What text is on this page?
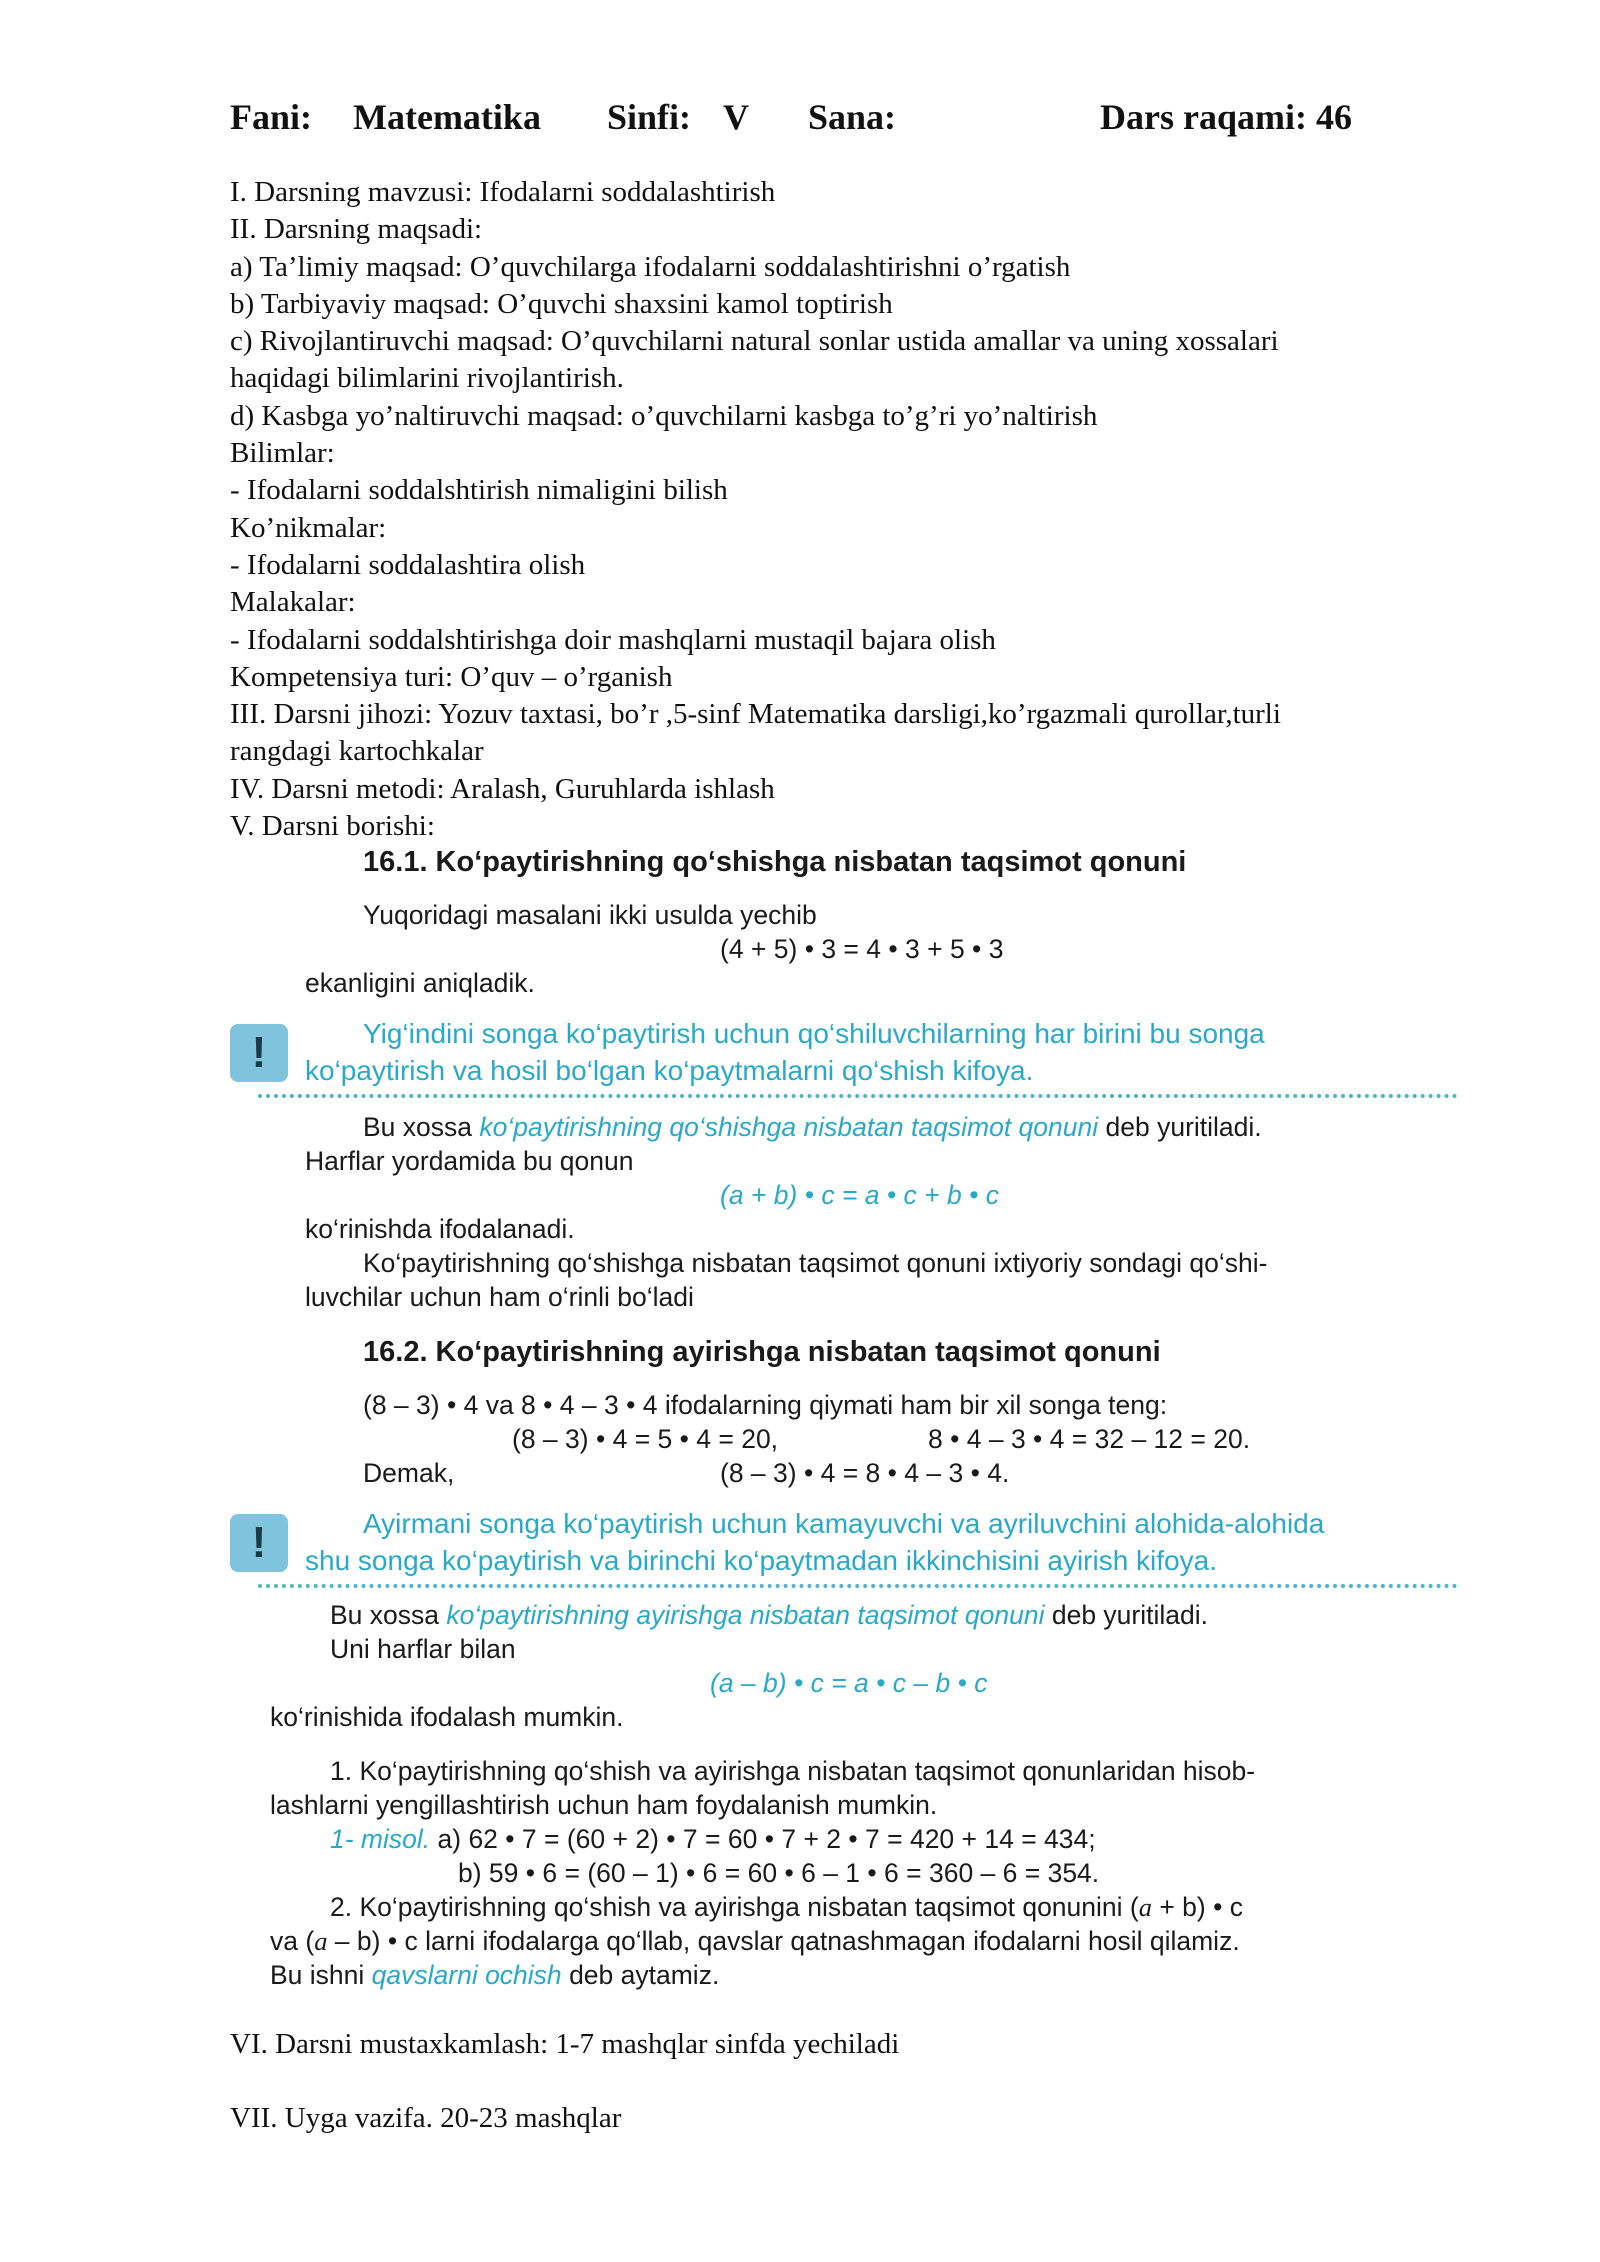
Fani: Matematika Sinfi: V Sana:	Dars raqami: 46
I. Darsning mavzusi: Ifodalarni soddalashtirish
II. Darsning maqsadi:
a) Ta’limiy maqsad: O’quvchilarga ifodalarni soddalashtirishni o’rgatish
b) Tarbiyaviy maqsad: O’quvchi shaxsini kamol toptirish
c) Rivojlantiruvchi maqsad: O’quvchilarni natural sonlar ustida amallar va uning xossalari
haqidagi bilimlarini rivojlantirish.
d) Kasbga yo’naltiruvchi maqsad: o’quvchilarni kasbga to’g’ri yo’naltirish
Bilimlar:
- Ifodalarni soddalshtirish nimaligini bilish
Ko’nikmalar:
- Ifodalarni soddalashtira olish
Malakalar:
- Ifodalarni soddalshtirishga doir mashqlarni mustaqil bajara olish
Kompetensiya turi: O’quv – o’rganish
III. Darsni jihozi: Yozuv taxtasi, bo’r ,5-sinf Matematika darsligi,ko’rgazmali qurollar,turli
rangdagi kartochkalar
IV. Darsni metodi: Aralash, Guruhlarda ishlash
V. Darsni borishi:
16.1. Ko‘paytirishning qo‘shishga nisbatan taqsimot qonuni
Yuqoridagi masalani ikki usulda yechib
(4 + 5) • 3 = 4 • 3 + 5 • 3
ekanligini aniqladik.
!	Yig‘indini songa ko‘paytirish uchun qo‘shiluvchilarning har birini bu songa
ko‘paytirish va hosil bo‘lgan ko‘paytmalarni qo‘shish kifoya.
Bu xossa ko‘paytirishning qo‘shishga nisbatan taqsimot qonuni deb yuritiladi.
Harflar yordamida bu qonun
(a + b) • c = a • c + b • c
ko‘rinishda ifodalanadi.
Ko‘paytirishning qo‘shishga nisbatan taqsimot qonuni ixtiyoriy sondagi qo‘shi-
luvchilar uchun ham o‘rinli bo‘ladi
16.2. Ko‘paytirishning ayirishga nisbatan taqsimot qonuni
(8 – 3) • 4 va 8 • 4 – 3 • 4 ifodalarning qiymati ham bir xil songa teng:
(8 – 3) • 4 = 5 • 4 = 20,	8 • 4 – 3 • 4 = 32 – 12 = 20.
Demak,	(8 – 3) • 4 = 8 • 4 – 3 • 4.
!	Ayirmani songa ko‘paytirish uchun kamayuvchi va ayriluvchini alohida-alohida
shu songa ko‘paytirish va birinchi ko‘paytmadan ikkinchisini ayirish kifoya.
Bu xossa ko‘paytirishning ayirishga nisbatan taqsimot qonuni deb yuritiladi.
Uni harflar bilan
(a – b) • c = a • c – b • c
ko‘rinishida ifodalash mumkin.
1. Ko‘paytirishning qo‘shish va ayirishga nisbatan taqsimot qonunlaridan hisob-
lashlarni yengillashtirish uchun ham foydalanish mumkin.
1- misol. a) 62 • 7 = (60 + 2) • 7 = 60 • 7 + 2 • 7 = 420 + 14 = 434;
b) 59 • 6 = (60 – 1) • 6 = 60 • 6 – 1 • 6 = 360 – 6 = 354.
2. Ko‘paytirishning qo‘shish va ayirishga nisbatan taqsimot qonunini (a + b) • c
va (a – b) • c larni ifodalarga qo‘llab, qavslar qatnashmagan ifodalarni hosil qilamiz.
Bu ishni qavslarni ochish deb aytamiz.
VI. Darsni mustaxkamlash: 1-7 mashqlar sinfda yechiladi
VII. Uyga vazifa. 20-23 mashqlar
